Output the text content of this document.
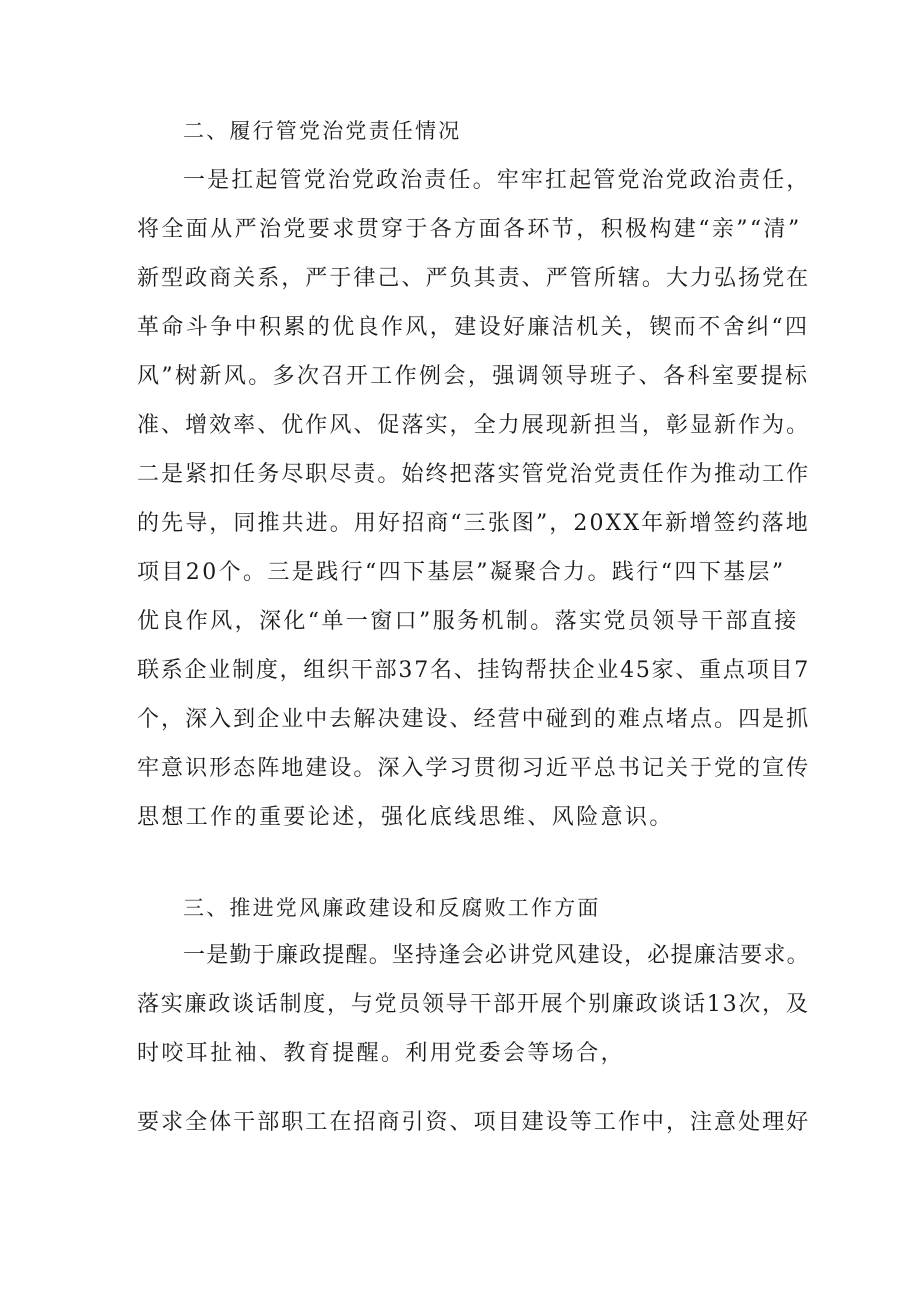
二、履行管党治党责任情况
一是扛起管党治党政治责任。牢牢扛起管党治党政治责任，
将全面从严治党要求贯穿于各方面各环节，积极构建“亲”“清”
新型政商关系，严于律己、严负其责、严管所辖。大力弘扬党在
革命斗争中积累的优良作风，建设好廉洁机关，锲而不舍纠“四
风”树新风。多次召开工作例会，强调领导班子、各科室要提标
准、增效率、优作风、促落实，全力展现新担当，彰显新作为。
二是紧扣任务尽职尽责。始终把落实管党治党责任作为推动工作
的先导，同推共进。用好招商“三张图”，20XX年新增签约落地
项目20个。三是践行“四下基层”凝聚合力。践行“四下基层”
优良作风，深化“单一窗口”服务机制。落实党员领导干部直接
联系企业制度，组织干部37名、挂钩帮扶企业45家、重点项目7
个，深入到企业中去解决建设、经营中碰到的难点堵点。四是抓
牢意识形态阵地建设。深入学习贯彻习近平总书记关于党的宣传
思想工作的重要论述，强化底线思维、风险意识。
三、推进党风廉政建设和反腐败工作方面
一是勤于廉政提醒。坚持逢会必讲党风建设，必提廉洁要求。
落实廉政谈话制度，与党员领导干部开展个别廉政谈话13次，及
时咬耳扯袖、教育提醒。利用党委会等场合，
要求全体干部职工在招商引资、项目建设等工作中，注意处理好
